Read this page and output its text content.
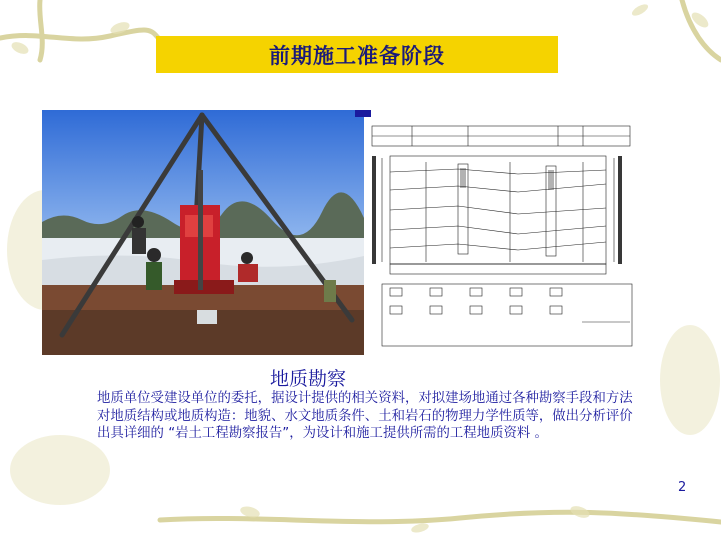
前期施工准备阶段
地质勘察
地质单位受建设单位的委托，据设计提供的相关资料，对拟建场地通过各种勘察手段和方法对地质结构或地质构造：地貌、水文地质条件、土和岩石的物理力学性质等，做出分析评价出具详细的 “岩土工程勘察报告”，为设计和施工提供所需的工程地质资料 。
2
